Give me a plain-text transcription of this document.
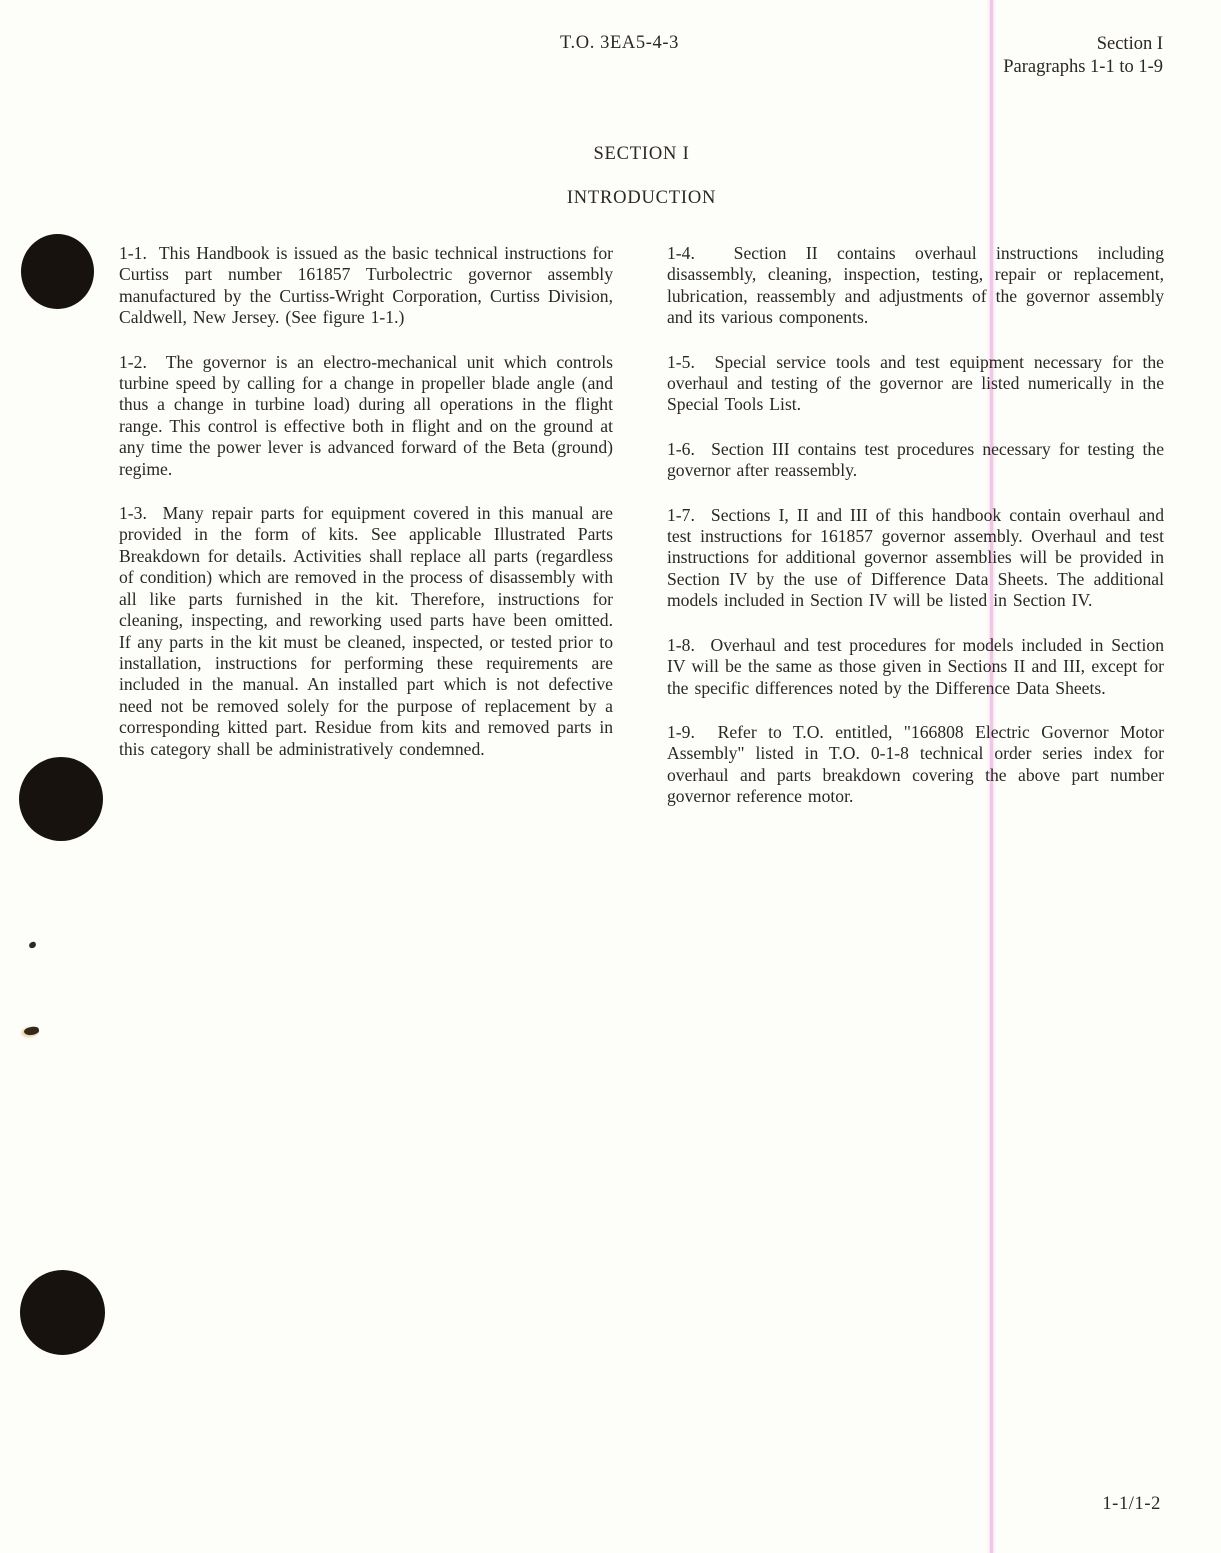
T.O. 3EA5-4-3	Section I
Paragraphs 1-1 to 1-9
SECTION I
INTRODUCTION

1-1.  This Handbook is issued as the basic technical instructions for Curtiss part number 161857 Turbolectric governor assembly manufactured by the Curtiss-Wright Corporation, Curtiss Division, Caldwell, New Jersey. (See figure 1-1.)

1-2.  The governor is an electro-mechanical unit which controls turbine speed by calling for a change in propeller blade angle (and thus a change in turbine load) during all operations in the flight range. This control is effective both in flight and on the ground at any time the power lever is advanced forward of the Beta (ground) regime.

1-3.  Many repair parts for equipment covered in this manual are provided in the form of kits. See applicable Illustrated Parts Breakdown for details. Activities shall replace all parts (regardless of condition) which are removed in the process of disassembly with all like parts furnished in the kit. Therefore, instructions for cleaning, inspecting, and reworking used parts have been omitted. If any parts in the kit must be cleaned, inspected, or tested prior to installation, instructions for performing these requirements are included in the manual. An installed part which is not defective need not be removed solely for the purpose of replacement by a corresponding kitted part. Residue from kits and removed parts in this category shall be administratively condemned.

1-4.  Section II contains overhaul instructions including disassembly, cleaning, inspection, testing, repair or replacement, lubrication, reassembly and adjustments of the governor assembly and its various components.

1-5.  Special service tools and test equipment necessary for the overhaul and testing of the governor are listed numerically in the Special Tools List.

1-6.  Section III contains test procedures necessary for testing the governor after reassembly.

1-7.  Sections I, II and III of this handbook contain overhaul and test instructions for 161857 governor assembly. Overhaul and test instructions for additional governor assemblies will be provided in Section IV by the use of Difference Data Sheets. The additional models included in Section IV will be listed in Section IV.

1-8.  Overhaul and test procedures for models included in Section IV will be the same as those given in Sections II and III, except for the specific differences noted by the Difference Data Sheets.

1-9.  Refer to T.O. entitled, "166808 Electric Governor Motor Assembly" listed in T.O. 0-1-8 technical order series index for overhaul and parts breakdown covering the above part number governor reference motor.

1-1/1-2
